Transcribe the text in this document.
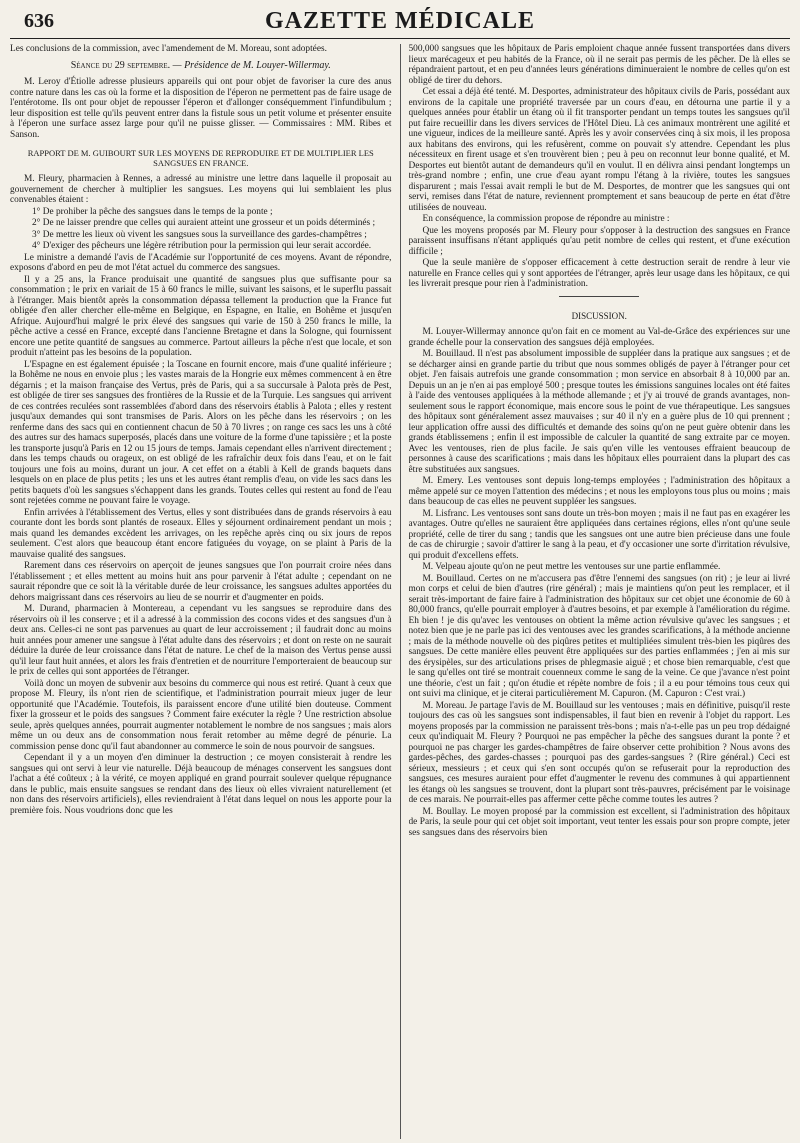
636	GAZETTE MÉDICALE

Les conclusions de la commission, avec l'amendement de M. Moreau, sont adoptées.

Séance du 29 septembre. — Présidence de M. Louyer-Willermay.

M. Leroy d'Étiolle adresse plusieurs appareils qui ont pour objet de favoriser la cure des anus contre nature dans les cas où la forme et la disposition de l'éperon ne permettent pas de faire usage de l'entérotome. Ils ont pour objet de repousser l'éperon et d'allonger conséquemment l'infundibulum ; leur disposition est telle qu'ils peuvent entrer dans la fistule sous un petit volume et présenter ensuite à l'éperon une surface assez large pour qu'il ne puisse glisser. — Commissaires : MM. Ribes et Sanson.

RAPPORT DE M. GUIBOURT SUR LES MOYENS DE REPRODUIRE ET DE MULTIPLIER LES SANGSUES EN FRANCE.

M. Fleury, pharmacien à Rennes, a adressé au ministre une lettre dans laquelle il proposait au gouvernement de chercher à multiplier les sangsues. Les moyens qui lui semblaient les plus convenables étaient :

1° De prohiber la pêche des sangsues dans le temps de la ponte ;

2° De ne laisser prendre que celles qui auraient atteint une grosseur et un poids déterminés ;

3° De mettre les lieux où vivent les sangsues sous la surveillance des gardes-champêtres ;

4° D'exiger des pêcheurs une légère rétribution pour la permission qui leur serait accordée.

Le ministre a demandé l'avis de l'Académie sur l'opportunité de ces moyens. Avant de répondre, exposons d'abord en peu de mot l'état actuel du commerce des sangsues.

Il y a 25 ans, la France produisait une quantité de sangsues plus que suffisante pour sa consommation ; le prix en variait de 15 à 60 francs le mille, suivant les saisons, et le superflu passait à l'étranger. Mais bientôt après la consommation dépassa tellement la production que la France fut obligée d'en aller chercher elle-même en Belgique, en Espagne, en Italie, en Bohême et jusqu'en Afrique. Aujourd'hui malgré le prix élevé des sangsues qui varie de 150 à 250 francs le mille, la pêche active a cessé en France, excepté dans l'ancienne Bretagne et dans la Sologne, qui fournissent encore une petite quantité de sangsues au commerce. Partout ailleurs la pêche n'est que locale, et son produit n'atteint pas les besoins de la population.

L'Espagne en est également épuisée ; la Toscane en fournit encore, mais d'une qualité inférieure ; la Bohême ne nous en envoie plus ; les vastes marais de la Hongrie eux mêmes commencent à en être dégarnis ; et la maison française des Vertus, près de Paris, qui a sa succursale à Palota près de Pest, est obligée de tirer ses sangsues des frontières de la Russie et de la Turquie. Les sangsues qui arrivent de ces contrées reculées sont rassemblées d'abord dans des réservoirs établis à Palota ; elles y restent jusqu'aux demandes qui sont transmises de Paris. Alors on les pêche dans les réservoirs ; on les renferme dans des sacs qui en contiennent chacun de 50 à 70 livres ; on range ces sacs les uns à côté des autres sur des hamacs superposés, placés dans une voiture de la forme d'une tapissière ; et la poste les transporte jusqu'à Paris en 12 ou 15 jours de temps. Jamais cependant elles n'arrivent directement ; dans les temps chauds ou orageux, on est obligé de les rafraîchir deux fois dans l'eau, et on le fait toujours une fois au moins, durant un jour. A cet effet on a établi à Kell de grands baquets dans lesquels on en place de plus petits ; les uns et les autres étant remplis d'eau, on vide les sacs dans les petits baquets d'où les sangsues s'échappent dans les grands. Toutes celles qui restent au fond de l'eau sont rejetées comme ne pouvant faire le voyage.

Enfin arrivées à l'établissement des Vertus, elles y sont distribuées dans de grands réservoirs à eau courante dont les bords sont plantés de roseaux. Elles y séjournent ordinairement pendant un mois ; mais quand les demandes excèdent les arrivages, on les repêche après cinq ou six jours de repos seulement. C'est alors que beaucoup étant encore fatiguées du voyage, on se plaint à Paris de la mauvaise qualité des sangsues.

Rarement dans ces réservoirs on aperçoit de jeunes sangsues que l'on pourrait croire nées dans l'établissement ; et elles mettent au moins huit ans pour parvenir à l'état adulte ; cependant on ne saurait répondre que ce soit là la véritable durée de leur croissance, les sangsues adultes apportées du dehors maigrissant dans ces réservoirs au lieu de se nourrir et d'augmenter en poids.

M. Durand, pharmacien à Montereau, a cependant vu les sangsues se reproduire dans des réservoirs où il les conserve ; et il a adressé à la commission des cocons vides et des sangsues d'un à deux ans. Celles-ci ne sont pas parvenues au quart de leur accroissement ; il faudrait donc au moins huit années pour amener une sangsue à l'état adulte dans des réservoirs ; et dont on reste on ne saurait déduire la durée de leur croissance dans l'état de nature. Le chef de la maison des Vertus pense aussi qu'il leur faut huit années, et alors les frais d'entretien et de nourriture l'emporteraient de beaucoup sur le prix de celles qui sont apportées de l'étranger.

Voilà donc un moyen de subvenir aux besoins du commerce qui nous est retiré. Quant à ceux que propose M. Fleury, ils n'ont rien de scientifique, et l'administration pourrait mieux juger de leur opportunité que l'Académie. Toutefois, ils paraissent encore d'une utilité bien douteuse. Comment fixer la grosseur et le poids des sangsues ? Comment faire exécuter la règle ? Une restriction absolue seule, après quelques années, pourrait augmenter notablement le nombre de nos sangsues ; mais alors même un ou deux ans de consommation nous ferait retomber au même degré de pénurie. La commission pense donc qu'il faut abandonner au commerce le soin de nous pourvoir de sangsues.

Cependant il y a un moyen d'en diminuer la destruction ; ce moyen consisterait à rendre les sangsues qui ont servi à leur vie naturelle. Déjà beaucoup de ménages conservent les sangsues dont l'achat a été coûteux ; à la vérité, ce moyen appliqué en grand pourrait soulever quelque répugnance dans le public, mais ensuite sangsues se rendant dans des lieux où elles vivraient naturellement (et non dans des réservoirs artificiels), elles reviendraient à l'état dans lequel on nous les apporte pour la première fois. Nous voudrions donc que les

500,000 sangsues que les hôpitaux de Paris emploient chaque année fussent transportées dans divers lieux marécageux et peu habités de la France, où il ne serait pas permis de les pêcher. De là elles se répandraient partout, et en peu d'années leurs générations diminueraient le nombre de celles qu'on est obligé de tirer du dehors.

Cet essai a déjà été tenté. M. Desportes, administrateur des hôpitaux civils de Paris, possédant aux environs de la capitale une propriété traversée par un cours d'eau, en détourna une partie il y a quelques années pour établir un étang où il fit transporter pendant un temps toutes les sangsues qu'il put faire recueillir dans les divers services de l'Hôtel Dieu. Là ces animaux montrèrent une agilité et une vigueur, indices de la meilleure santé. Après les y avoir conservées cinq à six mois, il les proposa aux habitans des environs, qui les refusèrent, comme on pouvait s'y attendre. Cependant les plus nécessiteux en firent usage et s'en trouvèrent bien ; peu à peu on reconnut leur bonne qualité, et M. Desportes eut bientôt autant de demandeurs qu'il en voulut. Il en délivra ainsi pendant longtemps un très-grand nombre ; enfin, une crue d'eau ayant rompu l'étang à la rivière, toutes les sangsues disparurent ; mais l'essai avait rempli le but de M. Desportes, de montrer que les sangsues qui ont servi, remises dans l'état de nature, reviennent promptement et sans beaucoup de perte en état d'être utilisées de nouveau.

En conséquence, la commission propose de répondre au ministre :

Que les moyens proposés par M. Fleury pour s'opposer à la destruction des sangsues en France paraissent insuffisans n'étant appliqués qu'au petit nombre de celles qui restent, et d'une exécution difficile ;

Que la seule manière de s'opposer efficacement à cette destruction serait de rendre à leur vie naturelle en France celles qui y sont apportées de l'étranger, après leur usage dans les hôpitaux, ce qui les livrerait presque pour rien à l'administration.

DISCUSSION.

M. Louyer-Willermay annonce qu'on fait en ce moment au Val-de-Grâce des expériences sur une grande échelle pour la conservation des sangsues déjà employées.

M. Bouillaud. Il n'est pas absolument impossible de suppléer dans la pratique aux sangsues ; et de se décharger ainsi en grande partie du tribut que nous sommes obligés de payer à l'étranger pour cet objet. J'en faisais autrefois une grande consommation ; mon service en absorbait 8 à 10,000 par an. Depuis un an je n'en ai pas employé 500 ; presque toutes les émissions sanguines locales ont été faites à l'aide des ventouses appliquées à la méthode allemande ; et j'y ai trouvé de grands avantages, non-seulement sous le rapport économique, mais encore sous le point de vue thérapeutique. Les sangsues des hôpitaux sont généralement assez mauvaises ; sur 40 il n'y en a guère plus de 10 qui prennent ; leur application offre aussi des difficultés et demande des soins qu'on ne peut guère obtenir dans les grands établissemens ; enfin il est impossible de calculer la quantité de sang extraite par ce moyen. Avec les ventouses, rien de plus facile. Je sais qu'en ville les ventouses effraient beaucoup de personnes à cause des scarifications ; mais dans les hôpitaux elles pourraient dans la plupart des cas être substituées aux sangsues.

M. Emery. Les ventouses sont depuis long-temps employées ; l'administration des hôpitaux a même appelé sur ce moyen l'attention des médecins ; et nous les employons tous plus ou moins ; mais dans beaucoup de cas elles ne peuvent suppléer les sangsues.

M. Lisfranc. Les ventouses sont sans doute un très-bon moyen ; mais il ne faut pas en exagérer les avantages. Outre qu'elles ne sauraient être appliquées dans certaines régions, elles n'ont qu'une seule propriété, celle de tirer du sang ; tandis que les sangsues ont une autre bien précieuse dans une foule de cas de chirurgie ; savoir d'attirer le sang à la peau, et d'y occasioner une sorte d'irritation révulsive, qui produit d'excellens effets.

M. Velpeau ajoute qu'on ne peut mettre les ventouses sur une partie enflammée.

M. Bouillaud. Certes on ne m'accusera pas d'être l'ennemi des sangsues (on rit) ; je leur ai livré mon corps et celui de bien d'autres (rire général) ; mais je maintiens qu'on peut les remplacer, et il serait très-important de faire faire à l'administration des hôpitaux sur cet objet une économie de 60 à 80,000 francs, qu'elle pourrait employer à d'autres besoins, et par exemple à l'amélioration du régime. Eh bien ! je dis qu'avec les ventouses on obtient la même action révulsive qu'avec les sangsues ; et notez bien que je ne parle pas ici des ventouses avec les grandes scarifications, à la méthode ancienne ; mais de la méthode nouvelle où des piqûres petites et multipliées simulent très-bien les piqûres des sangsues. De cette manière elles peuvent être appliquées sur des parties enflammées ; j'en ai mis sur des érysipèles, sur des articulations prises de phlegmasie aiguë ; et chose bien remarquable, c'est que le sang qu'elles ont tiré se montrait couenneux comme le sang de la veine. Ce que j'avance n'est point une théorie, c'est un fait ; qu'on étudie et répète nombre de fois ; il a eu pour témoins tous ceux qui ont suivi ma clinique, et je citerai particulièrement M. Capuron. (M. Capuron : C'est vrai.)

M. Moreau. Je partage l'avis de M. Bouillaud sur les ventouses ; mais en définitive, puisqu'il reste toujours des cas où les sangsues sont indispensables, il faut bien en revenir à l'objet du rapport. Les moyens proposés par la commission ne paraissent très-bons ; mais n'a-t-elle pas un peu trop dédaigné ceux qu'indiquait M. Fleury ? Pourquoi ne pas empêcher la pêche des sangsues durant la ponte ? et pourquoi ne pas charger les gardes-champêtres de faire observer cette prohibition ? Nous avons des gardes-pêches, des gardes-chasses ; pourquoi pas des gardes-sangsues ? (Rire général.) Ceci est sérieux, messieurs ; et ceux qui s'en sont occupés qu'on se refuserait pour la reproduction des sangsues, ces mesures auraient pour effet d'augmenter le revenu des communes à qui appartiennent les étangs où les sangsues se trouvent, dont la plupart sont très-pauvres, précisément par le voisinage de ces marais. Ne pourrait-elles pas affermer cette pêche comme toutes les autres ?

M. Boullay. Le moyen proposé par la commission est excellent, si l'administration des hôpitaux de Paris, la seule pour qui cet objet soit important, veut tenter les essais pour son propre compte, jeter ses sangsues dans des réservoirs bien
